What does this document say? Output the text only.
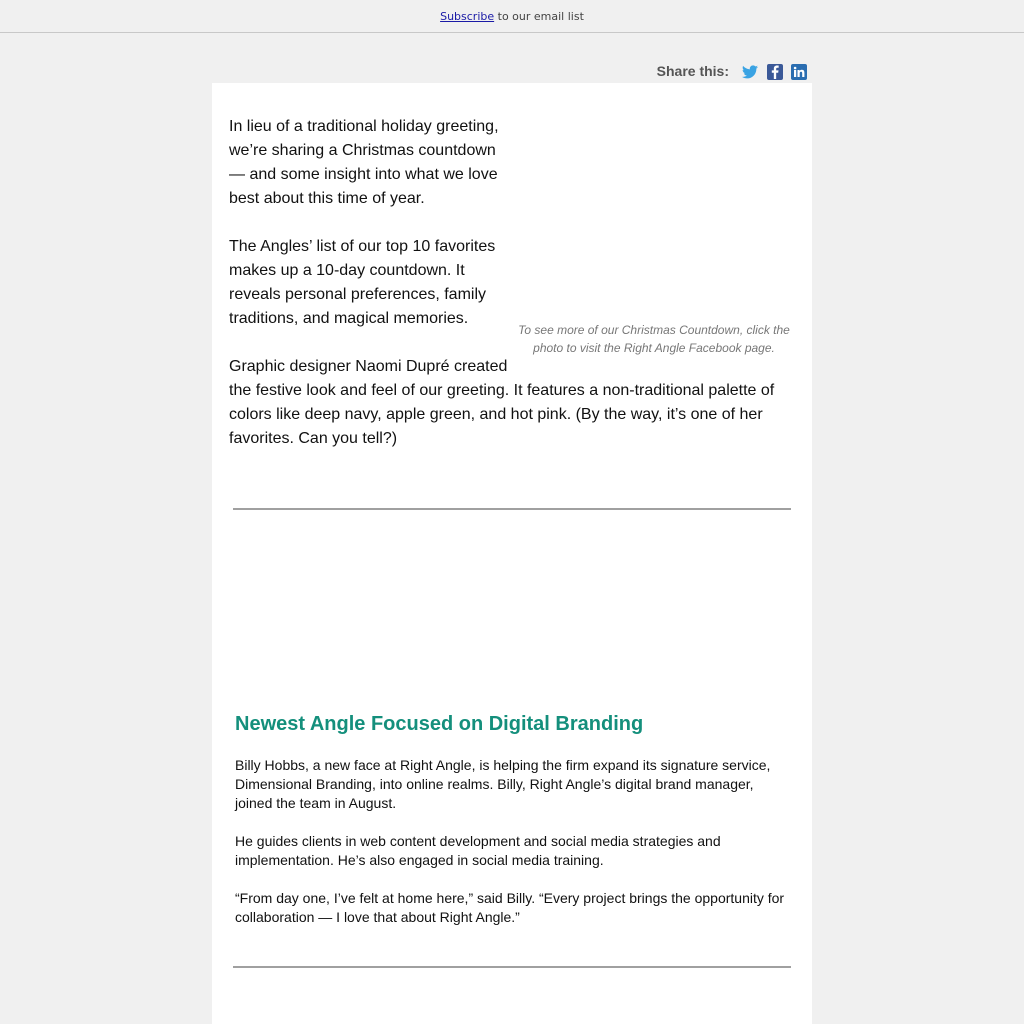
Subscribe to our email list
Share this:
To see more of our Christmas Countdown, click the photo to visit the Right Angle Facebook page.

In lieu of a traditional holiday greeting, we’re sharing a Christmas countdown — and some insight into what we love best about this time of year.

The Angles’ list of our top 10 favorites makes up a 10-day countdown. It reveals personal preferences, family traditions, and magical memories.

Graphic designer Naomi Dupré created the festive look and feel of our greeting. It features a non-traditional palette of colors like deep navy, apple green, and hot pink. (By the way, it’s one of her favorites. Can you tell?)

Newest Angle Focused on Digital Branding

Billy Hobbs, a new face at Right Angle, is helping the firm expand its signature service, Dimensional Branding, into online realms. Billy, Right Angle’s digital brand manager, joined the team in August.

He guides clients in web content development and social media strategies and implementation. He’s also engaged in social media training.

“From day one, I’ve felt at home here,” said Billy. “Every project brings the opportunity for collaboration — I love that about Right Angle.”
